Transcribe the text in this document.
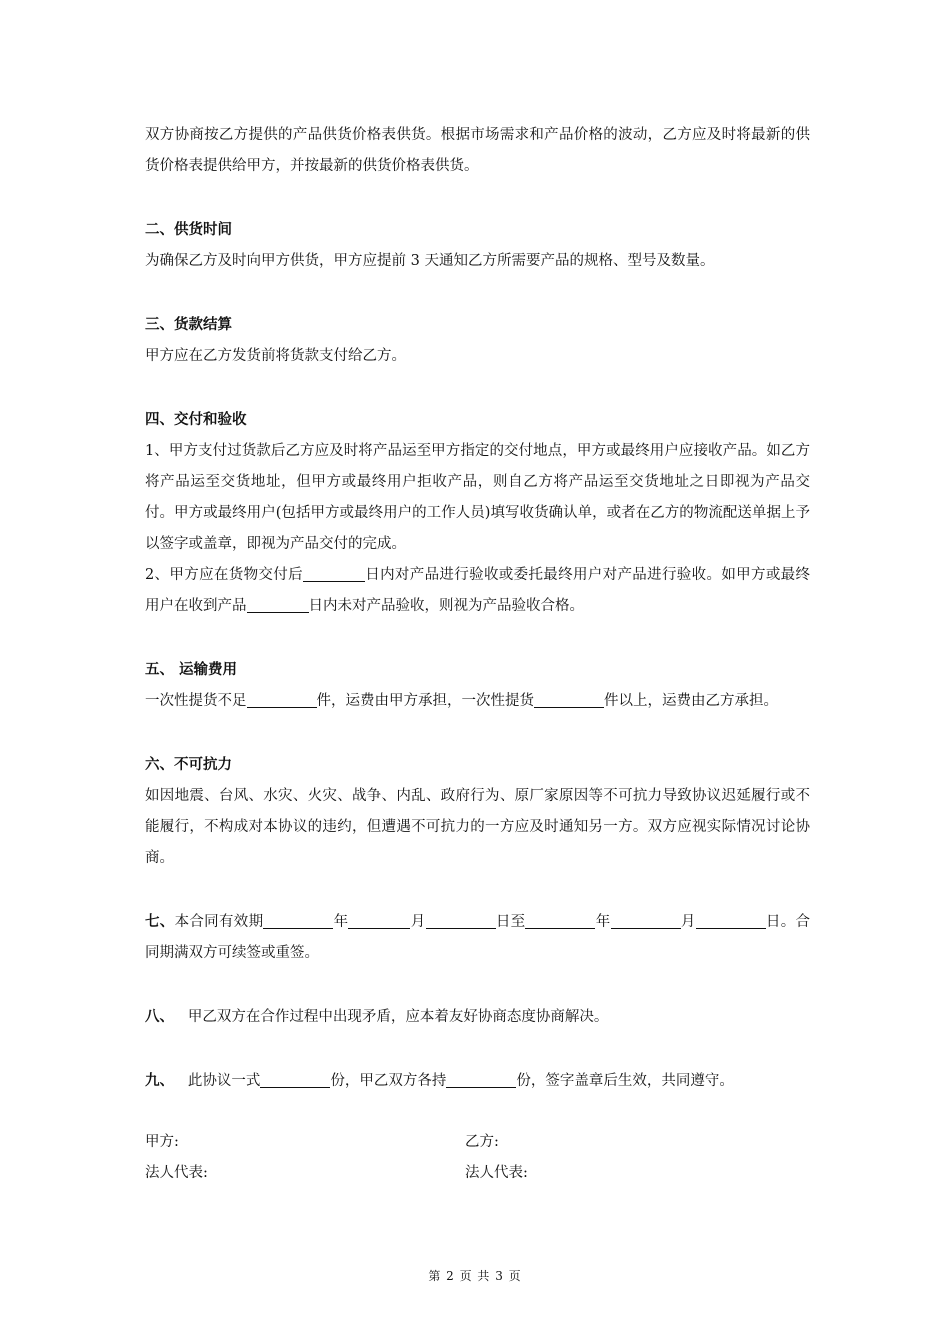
双方协商按乙方提供的产品供货价格表供货。根据市场需求和产品价格的波动，乙方应及时将最新的供货价格表提供给甲方，并按最新的供货价格表供货。

二、供货时间

为确保乙方及时向甲方供货，甲方应提前 3 天通知乙方所需要产品的规格、型号及数量。

三、货款结算

甲方应在乙方发货前将货款支付给乙方。

四、交付和验收

1、甲方支付过货款后乙方应及时将产品运至甲方指定的交付地点，甲方或最终用户应接收产品。如乙方将产品运至交货地址，但甲方或最终用户拒收产品，则自乙方将产品运至交货地址之日即视为产品交付。甲方或最终用户(包括甲方或最终用户的工作人员)填写收货确认单，或者在乙方的物流配送单据上予以签字或盖章，即视为产品交付的完成。

2、甲方应在货物交付后	日内对产品进行验收或委托最终用户对产品进行验收。如甲方或最终用户在收到产品	日内未对产品验收，则视为产品验收合格。

五、 运输费用

一次性提货不足	件，运费由甲方承担，一次性提货	件以上，运费由乙方承担。

六、不可抗力

如因地震、台风、水灾、火灾、战争、内乱、政府行为、原厂家原因等不可抗力导致协议迟延履行或不能履行，不构成对本协议的违约，但遭遇不可抗力的一方应及时通知另一方。双方应视实际情况讨论协商。

七、本合同有效期	年	月	日至	年	月	日。合同期满双方可续签或重签。

八、 甲乙双方在合作过程中出现矛盾，应本着友好协商态度协商解决。

九、 此协议一式	份，甲乙双方各持	份，签字盖章后生效，共同遵守。

甲方:	乙方:
法人代表:	法人代表:
第 2 页 共 3 页
